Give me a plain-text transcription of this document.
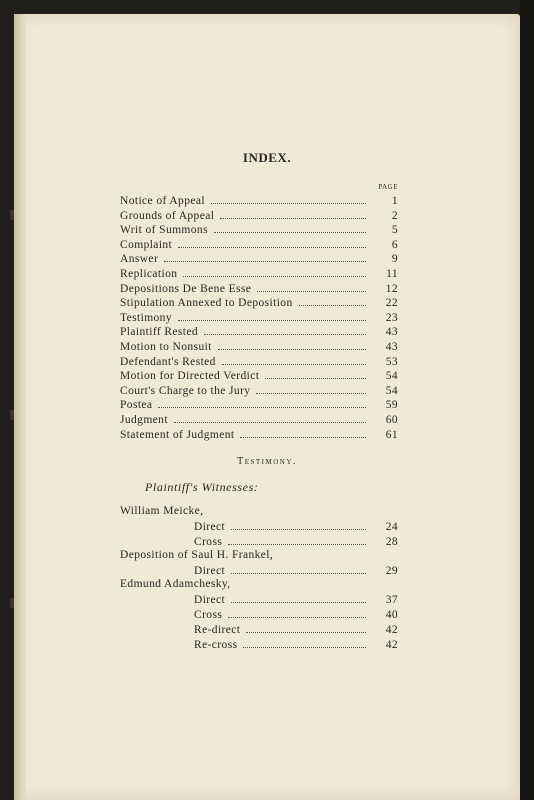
INDEX.
PAGE
Notice of Appeal	1
Grounds of Appeal	2
Writ of Summons	5
Complaint	6
Answer	9
Replication	11
Depositions De Bene Esse	12
Stipulation Annexed to Deposition	22
Testimony	23
Plaintiff Rested	43
Motion to Nonsuit	43
Defendant's Rested	53
Motion for Directed Verdict	54
Court's Charge to the Jury	54
Postea	59
Judgment	60
Statement of Judgment	61
Testimony.
Plaintiff's Witnesses:
William Meicke,
Direct	24
Cross	28
Deposition of Saul H. Frankel,
Direct	29
Edmund Adamchesky,
Direct	37
Cross	40
Re-direct	42
Re-cross	42
